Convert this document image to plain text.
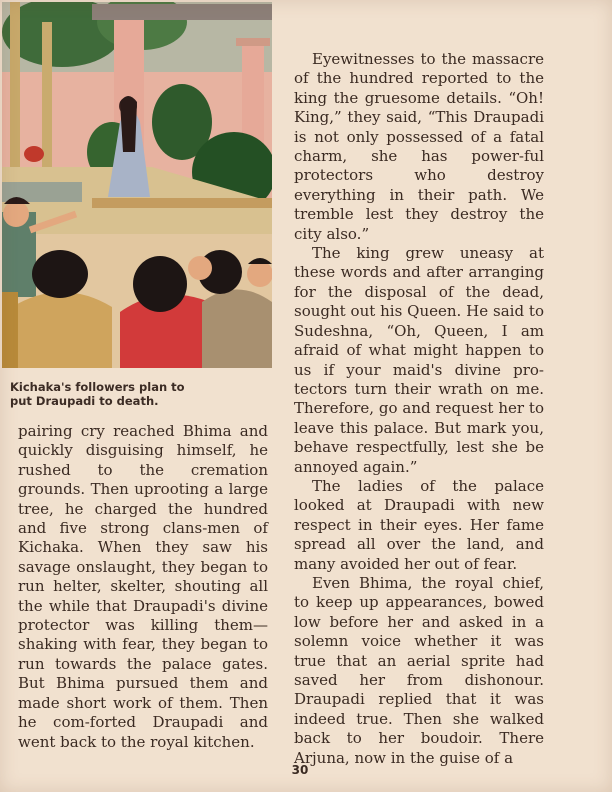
Kichaka's followers plan to
put Draupadi to death.

pairing cry reached Bhima and quickly disguising himself, he rushed to the cremation grounds. Then uprooting a large tree, he charged the hundred and five strong clans-men of Kichaka. When they saw his savage onslaught, they began to run helter, skelter, shouting all the while that Draupadi's divine protector was killing them—shaking with fear, they began to run towards the palace gates. But Bhima pursued them and made short work of them. Then he com-forted Draupadi and went back to the royal kitchen.

Eyewitnesses to the massacre of the hundred reported to the king the gruesome details. “Oh! King,” they said, “This Draupadi is not only possessed of a fatal charm, she has power-ful protectors who destroy everything in their path. We tremble lest they destroy the city also.”

The king grew uneasy at these words and after arranging for the disposal of the dead, sought out his Queen. He said to Sudeshna, “Oh, Queen, I am afraid of what might happen to us if your maid's divine pro-tectors turn their wrath on me. Therefore, go and request her to leave this palace. But mark you, behave respectfully, lest she be annoyed again.”

The ladies of the palace looked at Draupadi with new respect in their eyes. Her fame spread all over the land, and many avoided her out of fear.

Even Bhima, the royal chief, to keep up appearances, bowed low before her and asked in a solemn voice whether it was true that an aerial sprite had saved her from dishonour. Draupadi replied that it was indeed true. Then she walked back to her boudoir. There Arjuna, now in the guise of a

30
